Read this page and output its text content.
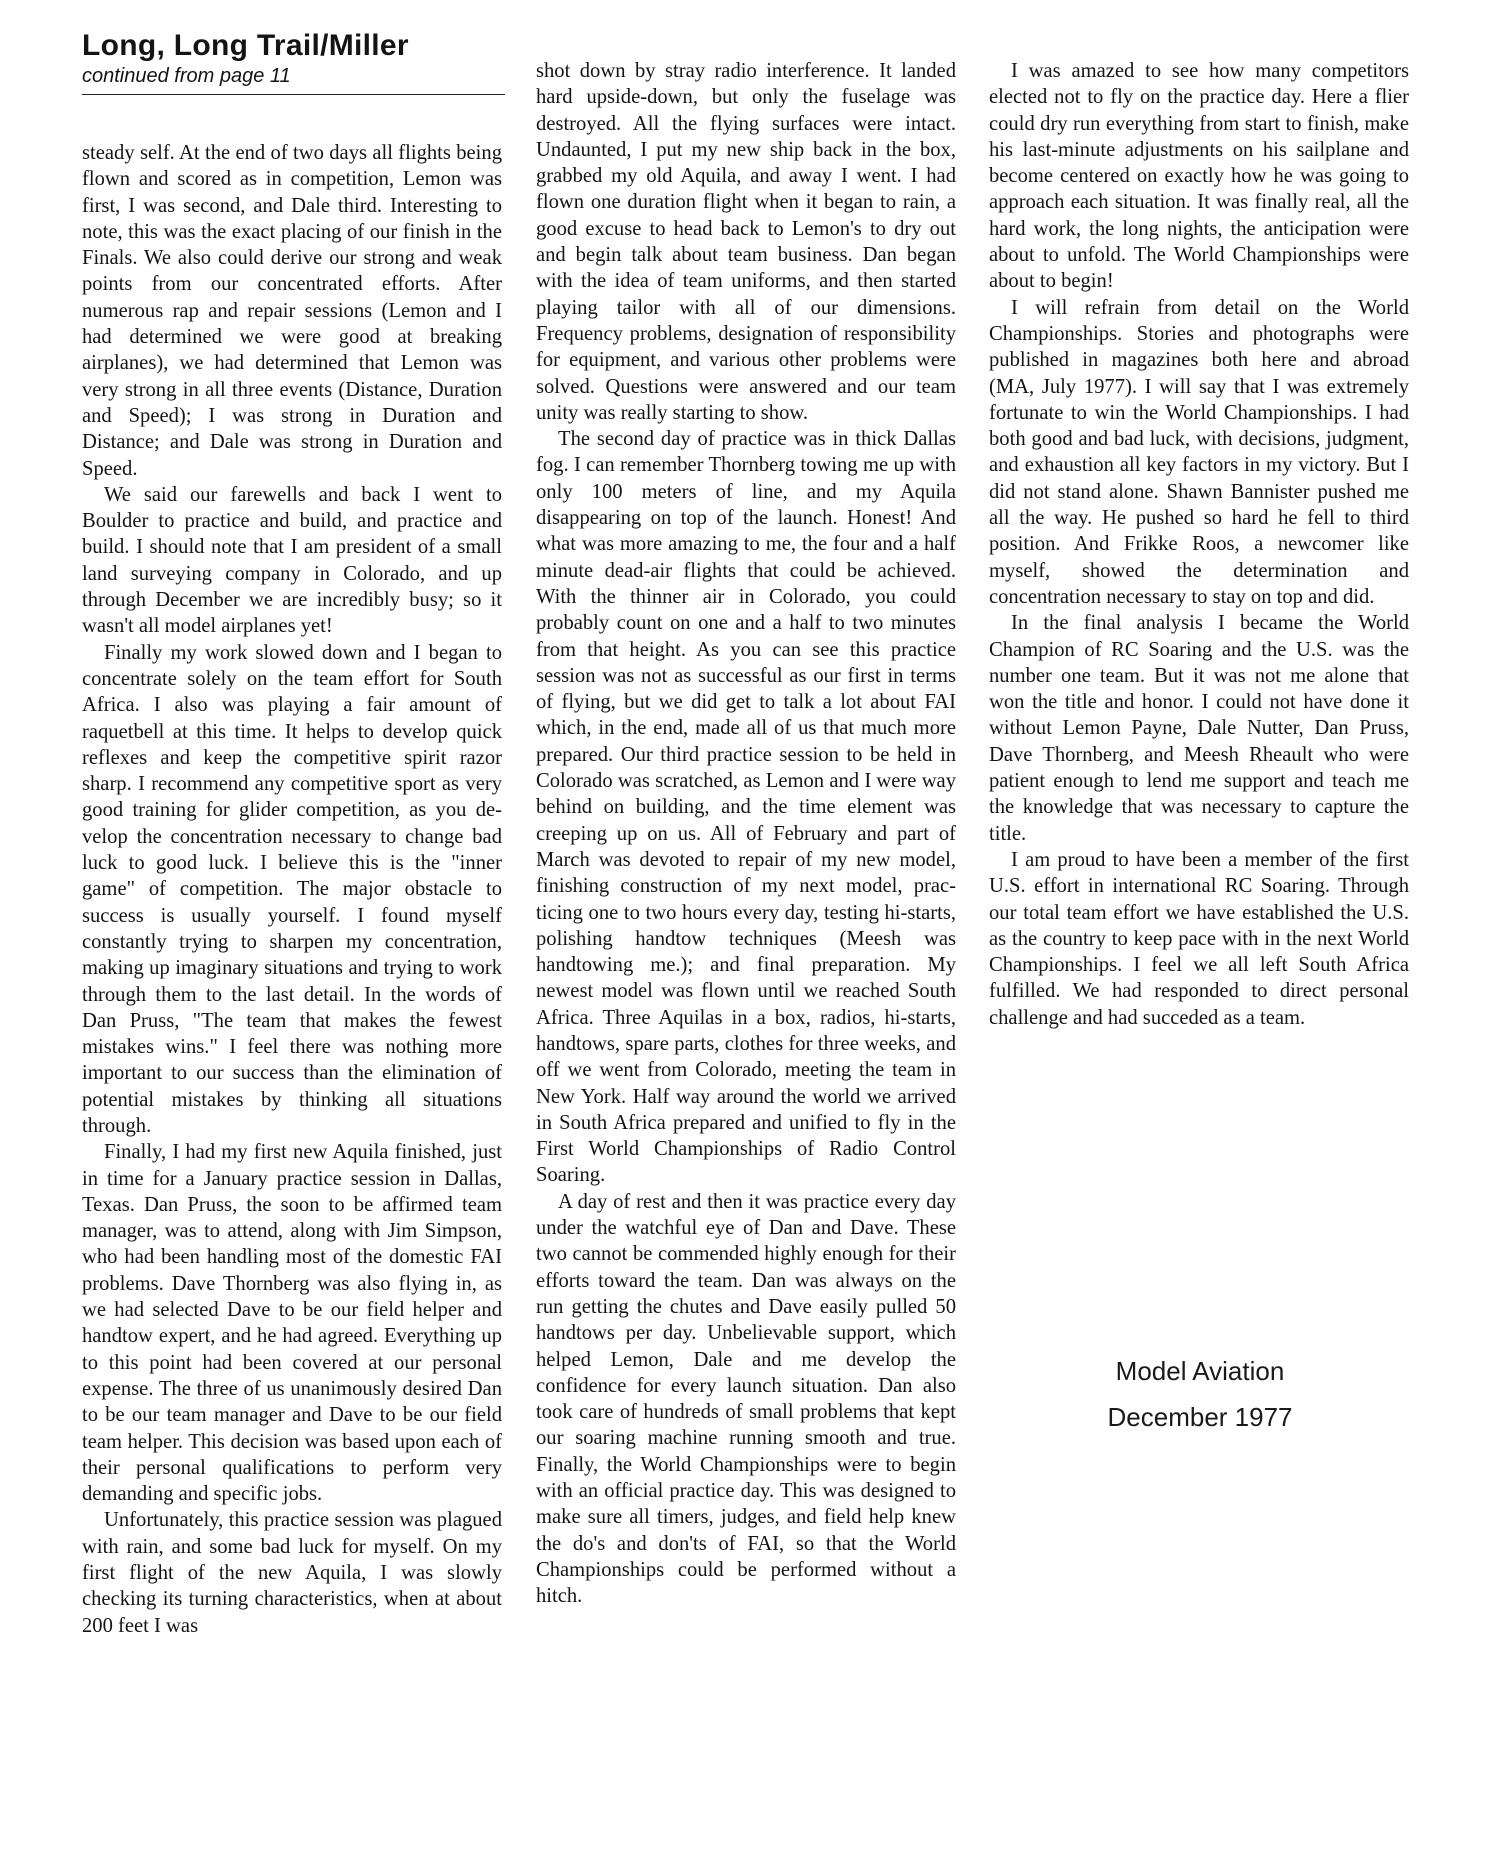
Long, Long Trail/Miller
continued from page 11

steady self. At the end of two days all flights being flown and scored as in competition, Lemon was first, I was second, and Dale third. Interesting to note, this was the exact placing of our finish in the Finals. We also could derive our strong and weak points from our concentrated efforts. After numerous rap and repair sessions (Lemon and I had determined we were good at breaking airplanes), we had determined that Lemon was very strong in all three events (Distance, Duration and Speed); I was strong in Duration and Distance; and Dale was strong in Duration and Speed.

We said our farewells and back I went to Boulder to practice and build, and practice and build. I should note that I am president of a small land surveying company in Colorado, and up through December we are incredibly busy; so it wasn't all model airplanes yet!

Finally my work slowed down and I began to concentrate solely on the team effort for South Africa. I also was playing a fair amount of raquetbell at this time. It helps to develop quick reflexes and keep the competitive spirit razor sharp. I recommend any competitive sport as very good training for glider competition, as you develop the concentration necessary to change bad luck to good luck. I believe this is the "inner game" of competition. The major obstacle to success is usually yourself. I found myself constantly trying to sharpen my concentration, making up imaginary situations and trying to work through them to the last detail. In the words of Dan Pruss, "The team that makes the fewest mistakes wins." I feel there was nothing more important to our success than the elimination of potential mistakes by thinking all situations through.

Finally, I had my first new Aquila finished, just in time for a January practice session in Dallas, Texas. Dan Pruss, the soon to be affirmed team manager, was to attend, along with Jim Simpson, who had been handling most of the domestic FAI problems. Dave Thornberg was also flying in, as we had selected Dave to be our field helper and handtow expert, and he had agreed. Everything up to this point had been covered at our personal expense. The three of us unanimously desired Dan to be our team manager and Dave to be our field team helper. This decision was based upon each of their personal qualifications to perform very demanding and specific jobs.

Unfortunately, this practice session was plagued with rain, and some bad luck for myself. On my first flight of the new Aquila, I was slowly checking its turning characteristics, when at about 200 feet I was

shot down by stray radio interference. It landed hard upside-down, but only the fuselage was destroyed. All the flying surfaces were intact. Undaunted, I put my new ship back in the box, grabbed my old Aquila, and away I went. I had flown one duration flight when it began to rain, a good excuse to head back to Lemon's to dry out and begin talk about team business. Dan began with the idea of team uniforms, and then started playing tailor with all of our dimensions. Frequency problems, designation of responsibility for equipment, and various other problems were solved. Questions were answered and our team unity was really starting to show.

The second day of practice was in thick Dallas fog. I can remember Thornberg towing me up with only 100 meters of line, and my Aquila disappearing on top of the launch. Honest! And what was more amazing to me, the four and a half minute dead-air flights that could be achieved. With the thinner air in Colorado, you could probably count on one and a half to two minutes from that height. As you can see this practice session was not as successful as our first in terms of flying, but we did get to talk a lot about FAI which, in the end, made all of us that much more prepared. Our third practice session to be held in Colorado was scratched, as Lemon and I were way behind on building, and the time element was creeping up on us. All of February and part of March was devoted to repair of my new model, finishing construction of my next model, practicing one to two hours every day, testing hi-starts, polishing handtow techniques (Meesh was handtowing me.); and final preparation. My newest model was flown until we reached South Africa. Three Aquilas in a box, radios, hi-starts, handtows, spare parts, clothes for three weeks, and off we went from Colorado, meeting the team in New York. Half way around the world we arrived in South Africa prepared and unified to fly in the First World Championships of Radio Control Soaring.

A day of rest and then it was practice every day under the watchful eye of Dan and Dave. These two cannot be commended highly enough for their efforts toward the team. Dan was always on the run getting the chutes and Dave easily pulled 50 handtows per day. Unbelievable support, which helped Lemon, Dale and me develop the confidence for every launch situation. Dan also took care of hundreds of small problems that kept our soaring machine running smooth and true. Finally, the World Championships were to begin with an official practice day. This was designed to make sure all timers, judges, and field help knew the do's and don'ts of FAI, so that the World Championships could be performed without a hitch.

I was amazed to see how many competitors elected not to fly on the practice day. Here a flier could dry run everything from start to finish, make his last-minute adjustments on his sailplane and become centered on exactly how he was going to approach each situation. It was finally real, all the hard work, the long nights, the anticipation were about to unfold. The World Championships were about to begin!

I will refrain from detail on the World Championships. Stories and photographs were published in magazines both here and abroad (MA, July 1977). I will say that I was extremely fortunate to win the World Championships. I had both good and bad luck, with decisions, judgment, and exhaustion all key factors in my victory. But I did not stand alone. Shawn Bannister pushed me all the way. He pushed so hard he fell to third position. And Frikke Roos, a newcomer like myself, showed the determination and concentration necessary to stay on top and did.

In the final analysis I became the World Champion of RC Soaring and the U.S. was the number one team. But it was not me alone that won the title and honor. I could not have done it without Lemon Payne, Dale Nutter, Dan Pruss, Dave Thornberg, and Meesh Rheault who were patient enough to lend me support and teach me the knowledge that was necessary to capture the title.

I am proud to have been a member of the first U.S. effort in international RC Soaring. Through our total team effort we have established the U.S. as the country to keep pace with in the next World Championships. I feel we all left South Africa fulfilled. We had responded to direct personal challenge and had succeded as a team.

Model Aviation
December 1977
